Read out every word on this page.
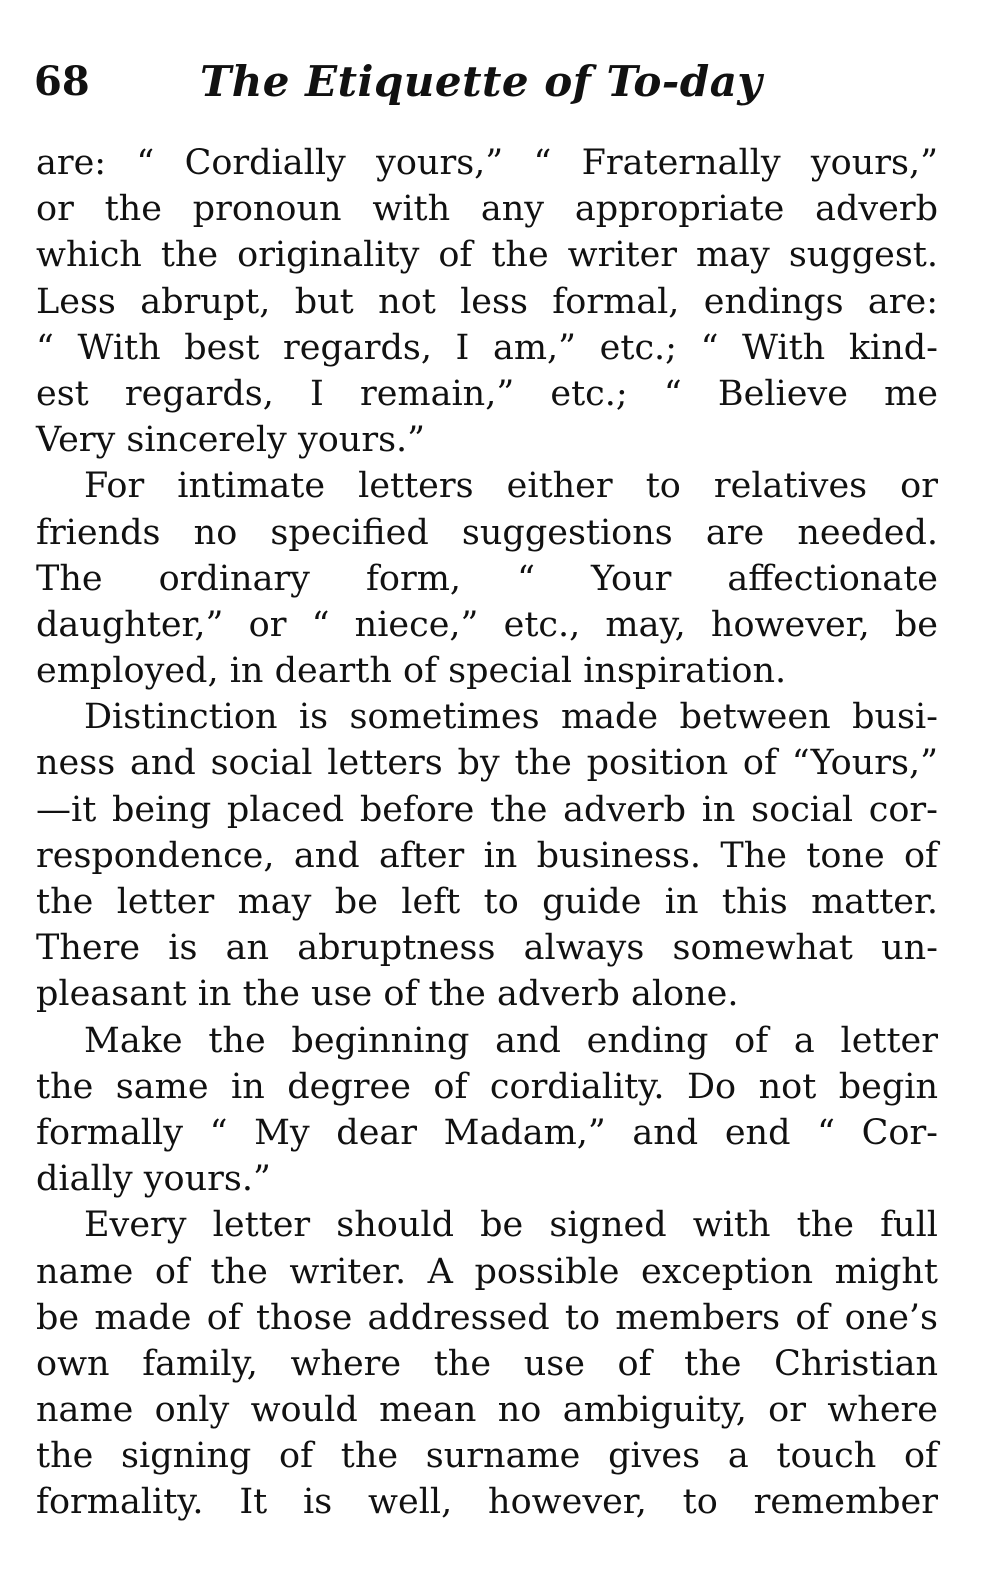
68	The Etiquette of To-day
are: “ Cordially yours,” “ Fraternally yours,”
or the pronoun with any appropriate adverb
which the originality of the writer may suggest.
Less abrupt, but not less formal, endings are:
“ With best regards, I am,” etc.; “ With kind-
est regards, I remain,” etc.; “ Believe me
Very sincerely yours.”
For intimate letters either to relatives or
friends no specified suggestions are needed.
The ordinary form, “ Your affectionate
daughter,” or “ niece,” etc., may, however, be
employed, in dearth of special inspiration.
Distinction is sometimes made between busi-
ness and social letters by the position of “Yours,”
—it being placed before the adverb in social cor-
respondence, and after in business. The tone of
the letter may be left to guide in this matter.
There is an abruptness always somewhat un-
pleasant in the use of the adverb alone.
Make the beginning and ending of a letter
the same in degree of cordiality. Do not begin
formally “ My dear Madam,” and end “ Cor-
dially yours.”
Every letter should be signed with the full
name of the writer. A possible exception might
be made of those addressed to members of one’s
own family, where the use of the Christian
name only would mean no ambiguity, or where
the signing of the surname gives a touch of
formality. It is well, however, to remember
